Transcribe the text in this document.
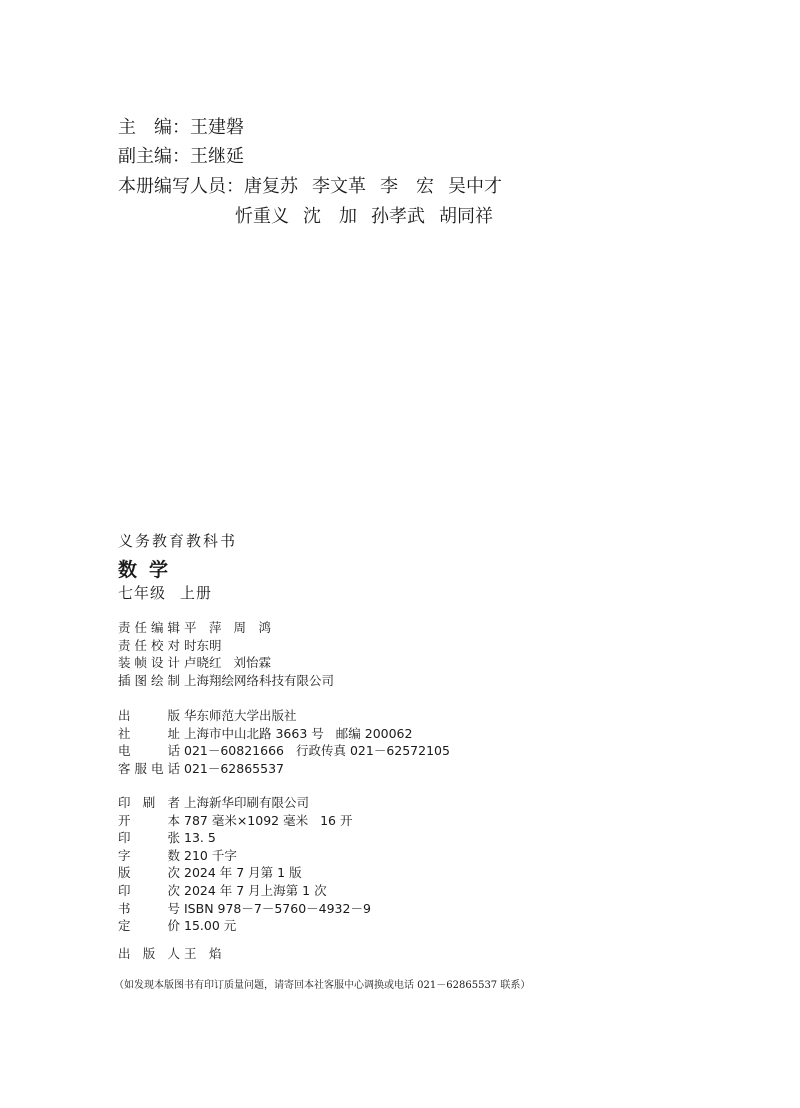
主　编：王建磐
副主编：王继延
本册编写人员：唐复苏 李文革 李　宏 吴中才
忻重义 沈　加 孙孝武 胡同祥
义务教育教科书
数学
七年级 上册
责任编辑 平　萍 周　鸿
责任校对 时东明
装帧设计 卢晓红 刘怡霖
插图绘制 上海翔绘网络科技有限公司
出版 华东师范大学出版社
社址 上海市中山北路 3663 号 邮编 200062
电话 021－60821666 行政传真 021－62572105
客服电话 021－62865537
印刷者 上海新华印刷有限公司
开本 787 毫米×1092 毫米 16 开
印张 13. 5
字数 210 千字
版次 2024 年 7 月第 1 版
印次 2024 年 7 月上海第 1 次
书号 ISBN 978－7－5760－4932－9
定价 15.00 元
出版人 王　焰
（如发现本版图书有印订质量问题，请寄回本社客服中心调换或电话 021－62865537 联系）
